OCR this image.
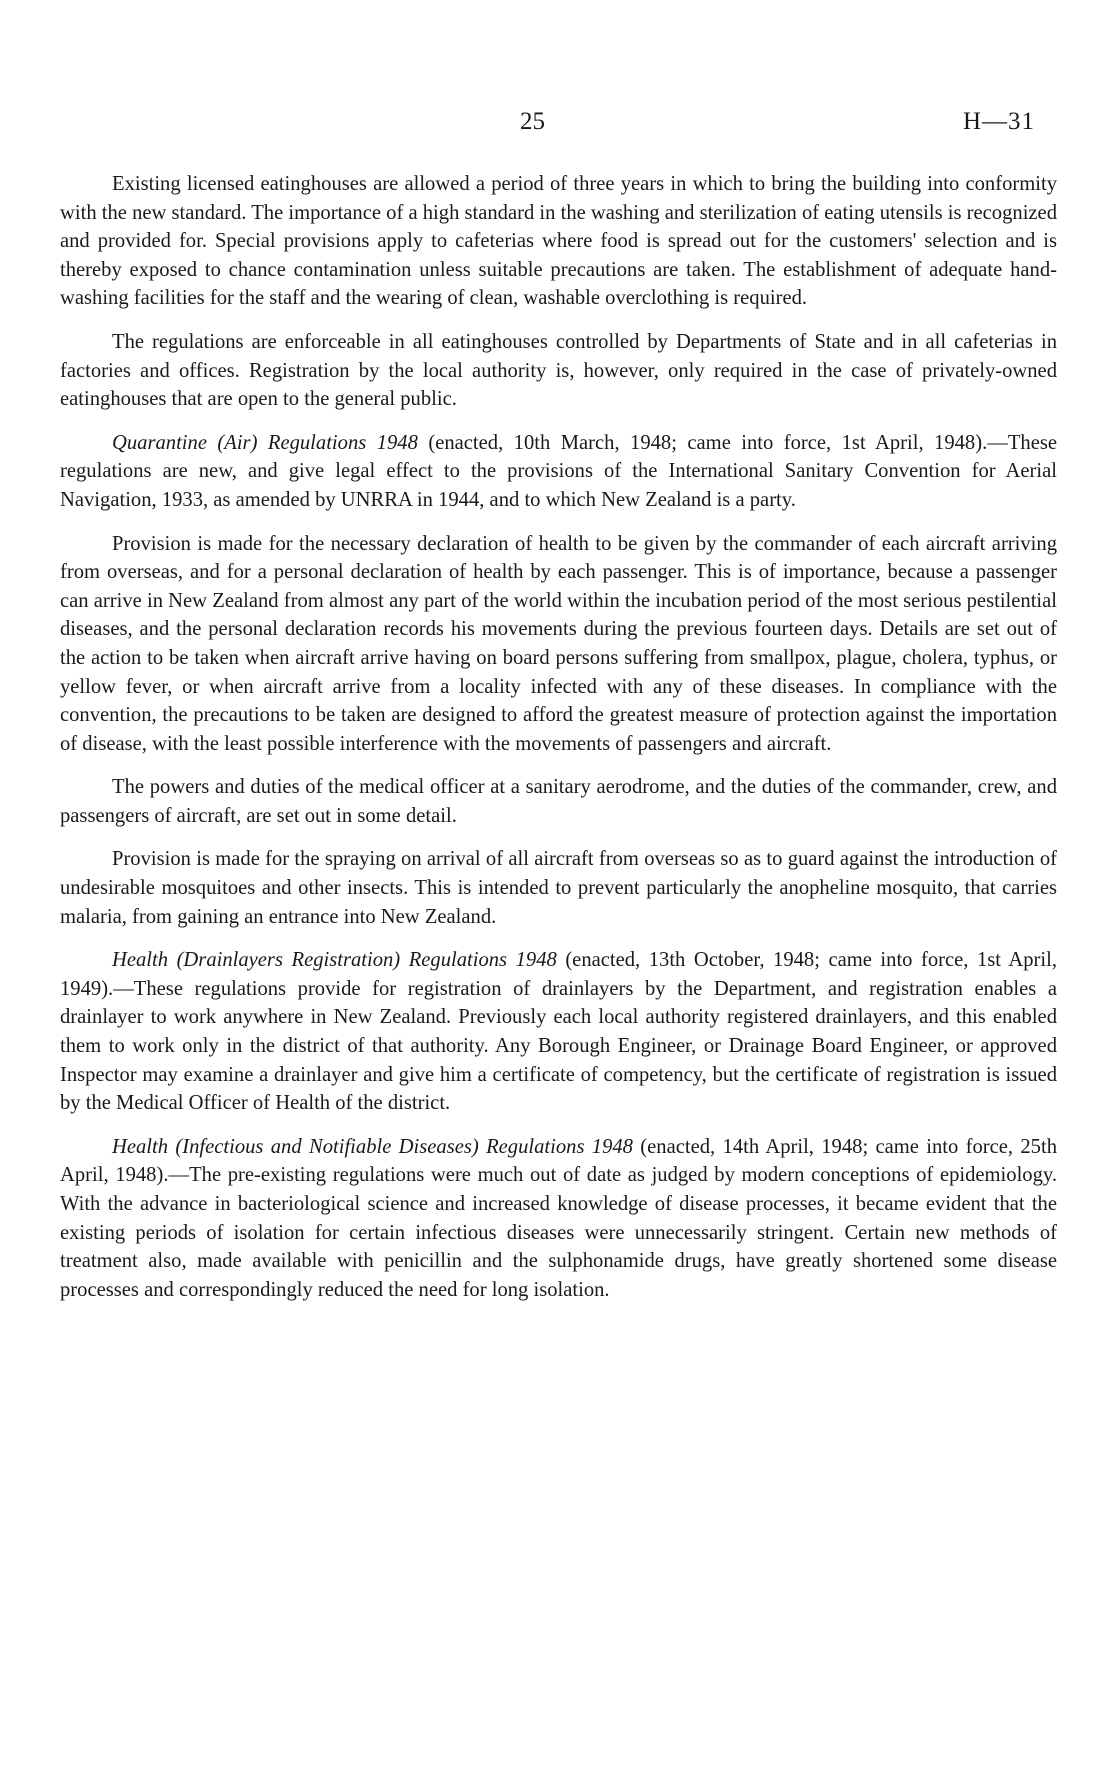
25	H—31

Existing licensed eatinghouses are allowed a period of three years in which to bring the building into conformity with the new standard. The importance of a high standard in the washing and sterilization of eating utensils is recognized and provided for. Special provisions apply to cafeterias where food is spread out for the customers' selection and is thereby exposed to chance contamination unless suitable precautions are taken. The establishment of adequate hand-washing facilities for the staff and the wearing of clean, washable overclothing is required.

The regulations are enforceable in all eatinghouses controlled by Departments of State and in all cafeterias in factories and offices. Registration by the local authority is, however, only required in the case of privately-owned eatinghouses that are open to the general public.

Quarantine (Air) Regulations 1948 (enacted, 10th March, 1948; came into force, 1st April, 1948).—These regulations are new, and give legal effect to the provisions of the International Sanitary Convention for Aerial Navigation, 1933, as amended by UNRRA in 1944, and to which New Zealand is a party.

Provision is made for the necessary declaration of health to be given by the commander of each aircraft arriving from overseas, and for a personal declaration of health by each passenger. This is of importance, because a passenger can arrive in New Zealand from almost any part of the world within the incubation period of the most serious pestilential diseases, and the personal declaration records his movements during the previous fourteen days. Details are set out of the action to be taken when aircraft arrive having on board persons suffering from smallpox, plague, cholera, typhus, or yellow fever, or when aircraft arrive from a locality infected with any of these diseases. In compliance with the convention, the precautions to be taken are designed to afford the greatest measure of protection against the importation of disease, with the least possible interference with the movements of passengers and aircraft.

The powers and duties of the medical officer at a sanitary aerodrome, and the duties of the commander, crew, and passengers of aircraft, are set out in some detail.

Provision is made for the spraying on arrival of all aircraft from overseas so as to guard against the introduction of undesirable mosquitoes and other insects. This is intended to prevent particularly the anopheline mosquito, that carries malaria, from gaining an entrance into New Zealand.

Health (Drainlayers Registration) Regulations 1948 (enacted, 13th October, 1948; came into force, 1st April, 1949).—These regulations provide for registration of drainlayers by the Department, and registration enables a drainlayer to work anywhere in New Zealand. Previously each local authority registered drainlayers, and this enabled them to work only in the district of that authority. Any Borough Engineer, or Drainage Board Engineer, or approved Inspector may examine a drainlayer and give him a certificate of competency, but the certificate of registration is issued by the Medical Officer of Health of the district.

Health (Infectious and Notifiable Diseases) Regulations 1948 (enacted, 14th April, 1948; came into force, 25th April, 1948).—The pre-existing regulations were much out of date as judged by modern conceptions of epidemiology. With the advance in bacteriological science and increased knowledge of disease processes, it became evident that the existing periods of isolation for certain infectious diseases were unnecessarily stringent. Certain new methods of treatment also, made available with penicillin and the sulphonamide drugs, have greatly shortened some disease processes and correspondingly reduced the need for long isolation.
